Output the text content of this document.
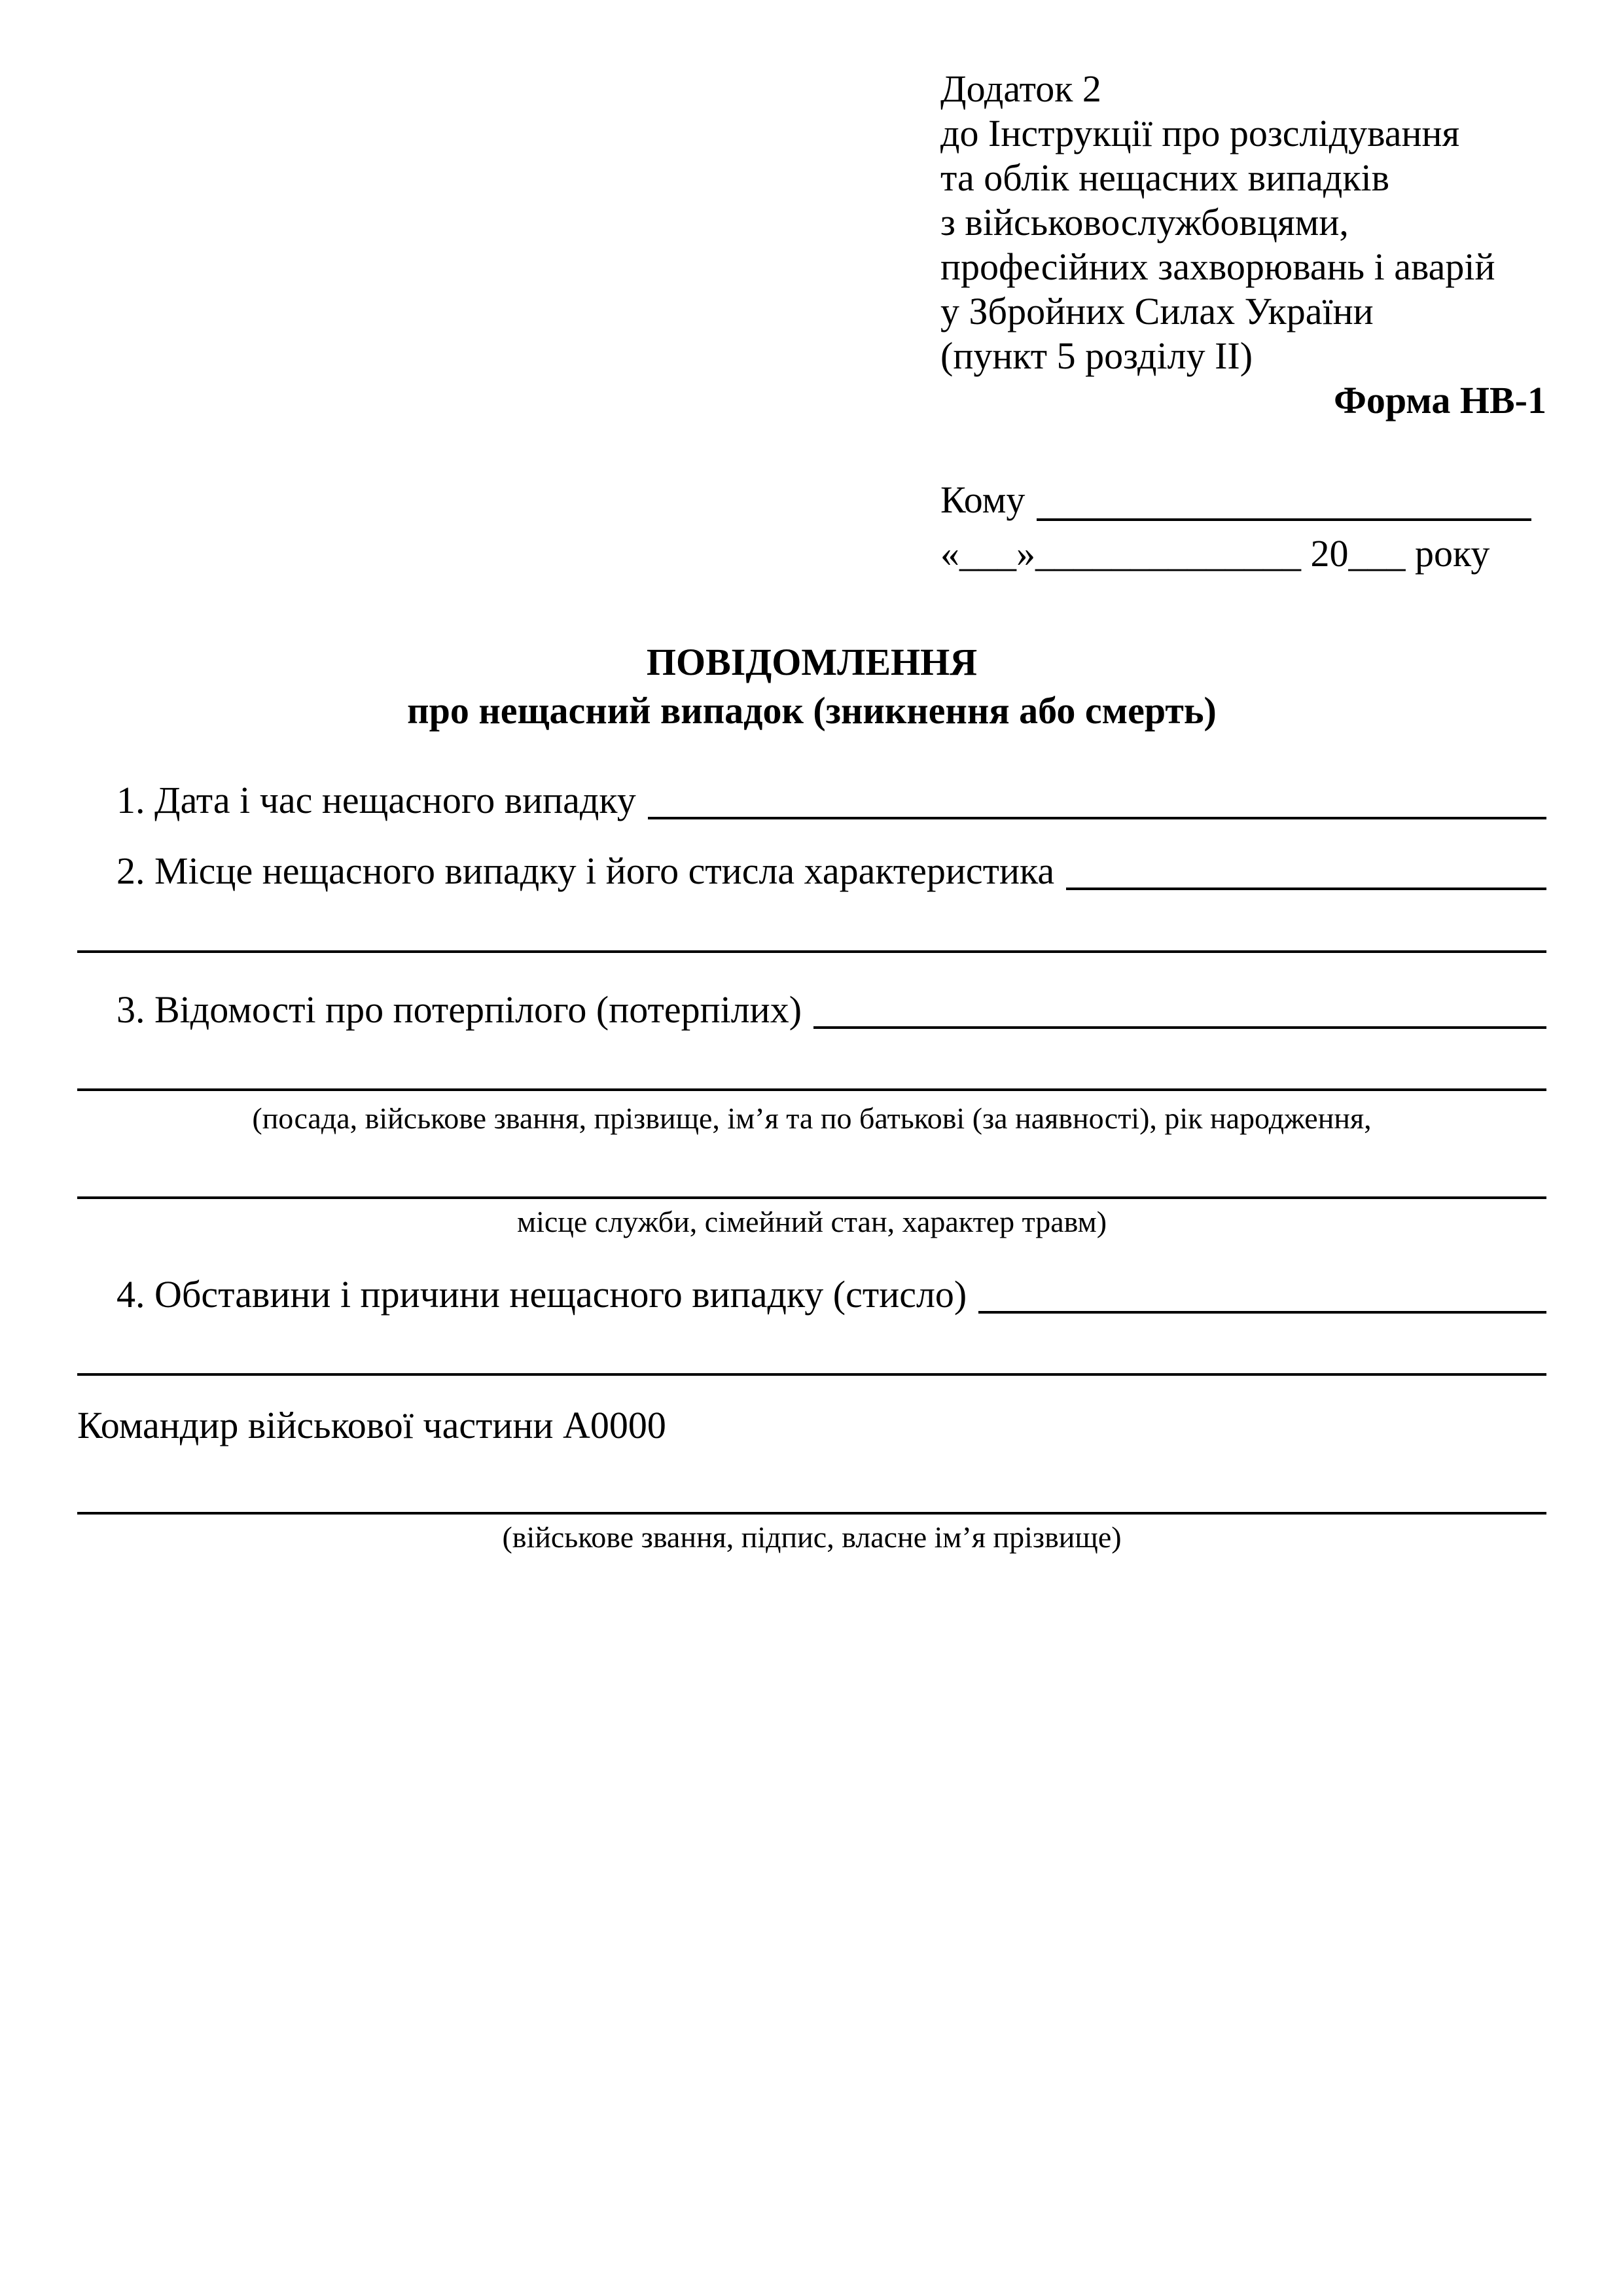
Додаток 2
до Інструкції про розслідування
та облік нещасних випадків
з військовослужбовцями,
професійних захворювань і аварій
у Збройних Силах України
(пункт 5 розділу ІІ)
Форма НВ-1
Кому
«___»______________ 20___ року
ПОВІДОМЛЕННЯ
про нещасний випадок (зникнення або смерть)
1. Дата і час нещасного випадку
2. Місце нещасного випадку і його стисла характеристика
3. Відомості про потерпілого (потерпілих)
(посада, військове звання, прізвище, ім’я та по батькові (за наявності), рік народження,
місце служби, сімейний стан, характер травм)
4. Обставини і причини нещасного випадку (стисло)
Командир військової частини А0000
(військове звання, підпис, власне ім’я прізвище)
